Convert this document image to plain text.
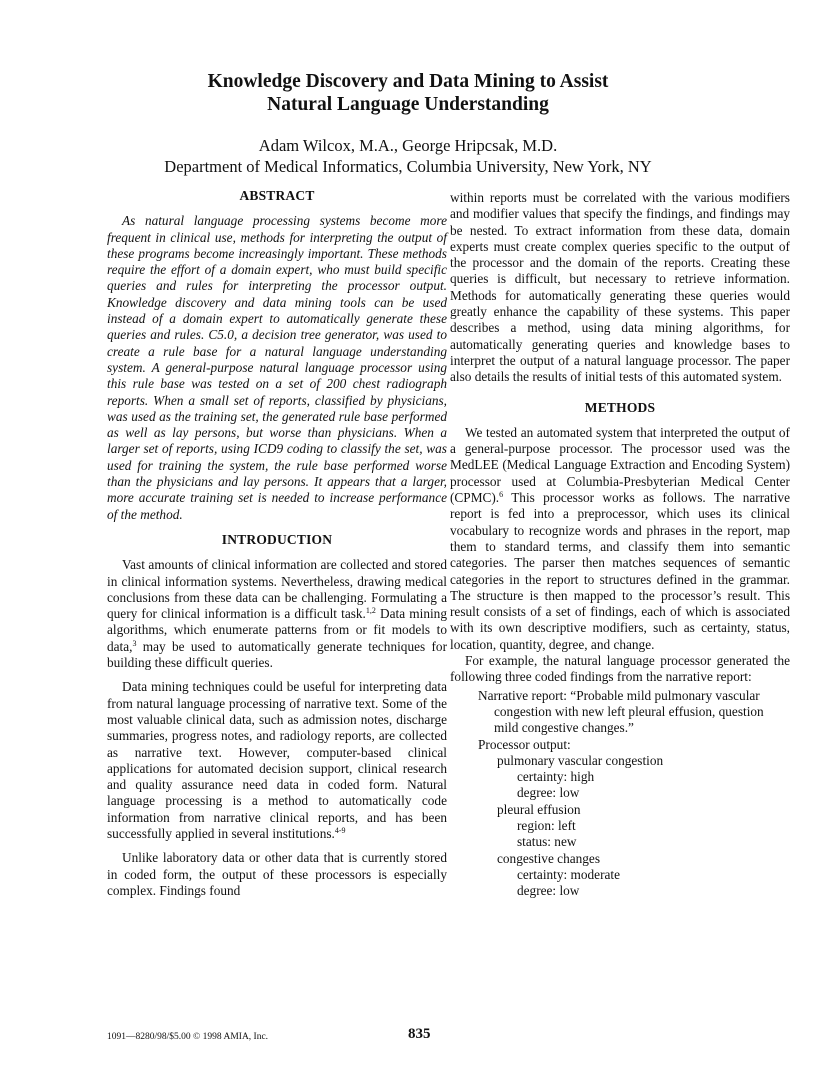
Knowledge Discovery and Data Mining to Assist
Natural Language Understanding
Adam Wilcox, M.A., George Hripcsak, M.D.
Department of Medical Informatics, Columbia University, New York, NY
ABSTRACT

As natural language processing systems become more frequent in clinical use, methods for interpreting the output of these programs become increasingly important. These methods require the effort of a domain expert, who must build specific queries and rules for interpreting the processor output. Knowledge discovery and data mining tools can be used instead of a domain expert to automatically generate these queries and rules. C5.0, a decision tree generator, was used to create a rule base for a natural language understanding system. A general-purpose natural language processor using this rule base was tested on a set of 200 chest radiograph reports. When a small set of reports, classified by physicians, was used as the training set, the generated rule base performed as well as lay persons, but worse than physicians. When a larger set of reports, using ICD9 coding to classify the set, was used for training the system, the rule base performed worse than the physicians and lay persons. It appears that a larger, more accurate training set is needed to increase performance of the method.

INTRODUCTION

Vast amounts of clinical information are collected and stored in clinical information systems. Nevertheless, drawing medical conclusions from these data can be challenging. Formulating a query for clinical information is a difficult task.$^{1,2}$ Data mining algorithms, which enumerate patterns from or fit models to data,$^3$ may be used to automatically generate techniques for building these difficult queries.

Data mining techniques could be useful for interpreting data from natural language processing of narrative text. Some of the most valuable clinical data, such as admission notes, discharge summaries, progress notes, and radiology reports, are collected as narrative text. However, computer-based clinical applications for automated decision support, clinical research and quality assurance need data in coded form. Natural language processing is a method to automatically code information from narrative clinical reports, and has been successfully applied in several institutions.$^{4-9}$

Unlike laboratory data or other data that is currently stored in coded form, the output of these processors is especially complex. Findings found

within reports must be correlated with the various modifiers and modifier values that specify the findings, and findings may be nested. To extract information from these data, domain experts must create complex queries specific to the output of the processor and the domain of the reports. Creating these queries is difficult, but necessary to retrieve information. Methods for automatically generating these queries would greatly enhance the capability of these systems. This paper describes a method, using data mining algorithms, for automatically generating queries and knowledge bases to interpret the output of a natural language processor. The paper also details the results of initial tests of this automated system.

METHODS

We tested an automated system that interpreted the output of a general-purpose processor. The processor used was the MedLEE (Medical Language Extraction and Encoding System) processor used at Columbia-Presbyterian Medical Center (CPMC).$^6$ This processor works as follows. The narrative report is fed into a preprocessor, which uses its clinical vocabulary to recognize words and phrases in the report, map them to standard terms, and classify them into semantic categories. The parser then matches sequences of semantic categories in the report to structures defined in the grammar. The structure is then mapped to the processor’s result. This result consists of a set of findings, each of which is associated with its own descriptive modifiers, such as certainty, status, location, quantity, degree, and change.

For example, the natural language processor generated the following three coded findings from the narrative report:

Narrative report: “Probable mild pulmonary vascular congestion with new left pleural effusion, question mild congestive changes.”
Processor output:
pulmonary vascular congestion
certainty: high
degree: low
pleural effusion
region: left
status: new
congestive changes
certainty: moderate
degree: low
1091—8280/98/$5.00 © 1998 AMIA, Inc.	835
